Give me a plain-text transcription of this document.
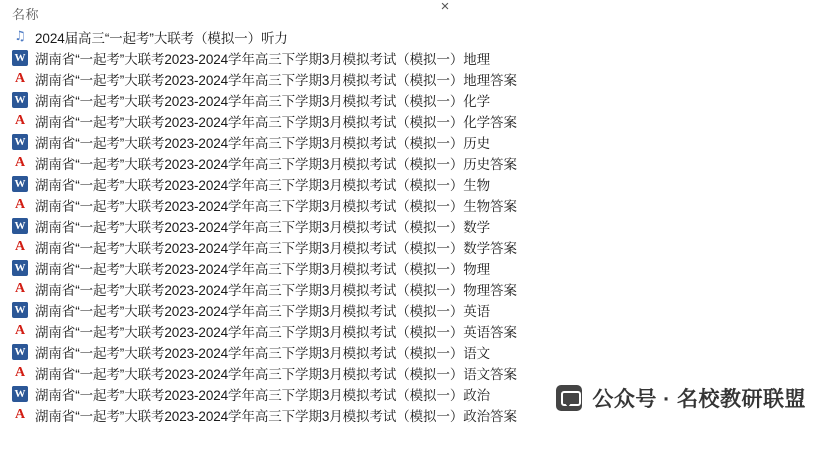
×
名称
♫
2024届高三“一起考”大联考（模拟一）听力
W
湖南省“一起考”大联考2023-2024学年高三下学期3月模拟考试（模拟一）地理
A
湖南省“一起考”大联考2023-2024学年高三下学期3月模拟考试（模拟一）地理答案
W
湖南省“一起考”大联考2023-2024学年高三下学期3月模拟考试（模拟一）化学
A
湖南省“一起考”大联考2023-2024学年高三下学期3月模拟考试（模拟一）化学答案
W
湖南省“一起考”大联考2023-2024学年高三下学期3月模拟考试（模拟一）历史
A
湖南省“一起考”大联考2023-2024学年高三下学期3月模拟考试（模拟一）历史答案
W
湖南省“一起考”大联考2023-2024学年高三下学期3月模拟考试（模拟一）生物
A
湖南省“一起考”大联考2023-2024学年高三下学期3月模拟考试（模拟一）生物答案
W
湖南省“一起考”大联考2023-2024学年高三下学期3月模拟考试（模拟一）数学
A
湖南省“一起考”大联考2023-2024学年高三下学期3月模拟考试（模拟一）数学答案
W
湖南省“一起考”大联考2023-2024学年高三下学期3月模拟考试（模拟一）物理
A
湖南省“一起考”大联考2023-2024学年高三下学期3月模拟考试（模拟一）物理答案
W
湖南省“一起考”大联考2023-2024学年高三下学期3月模拟考试（模拟一）英语
A
湖南省“一起考”大联考2023-2024学年高三下学期3月模拟考试（模拟一）英语答案
W
湖南省“一起考”大联考2023-2024学年高三下学期3月模拟考试（模拟一）语文
A
湖南省“一起考”大联考2023-2024学年高三下学期3月模拟考试（模拟一）语文答案
W
湖南省“一起考”大联考2023-2024学年高三下学期3月模拟考试（模拟一）政治
A
湖南省“一起考”大联考2023-2024学年高三下学期3月模拟考试（模拟一）政治答案
公众号 · 名校教研联盟
